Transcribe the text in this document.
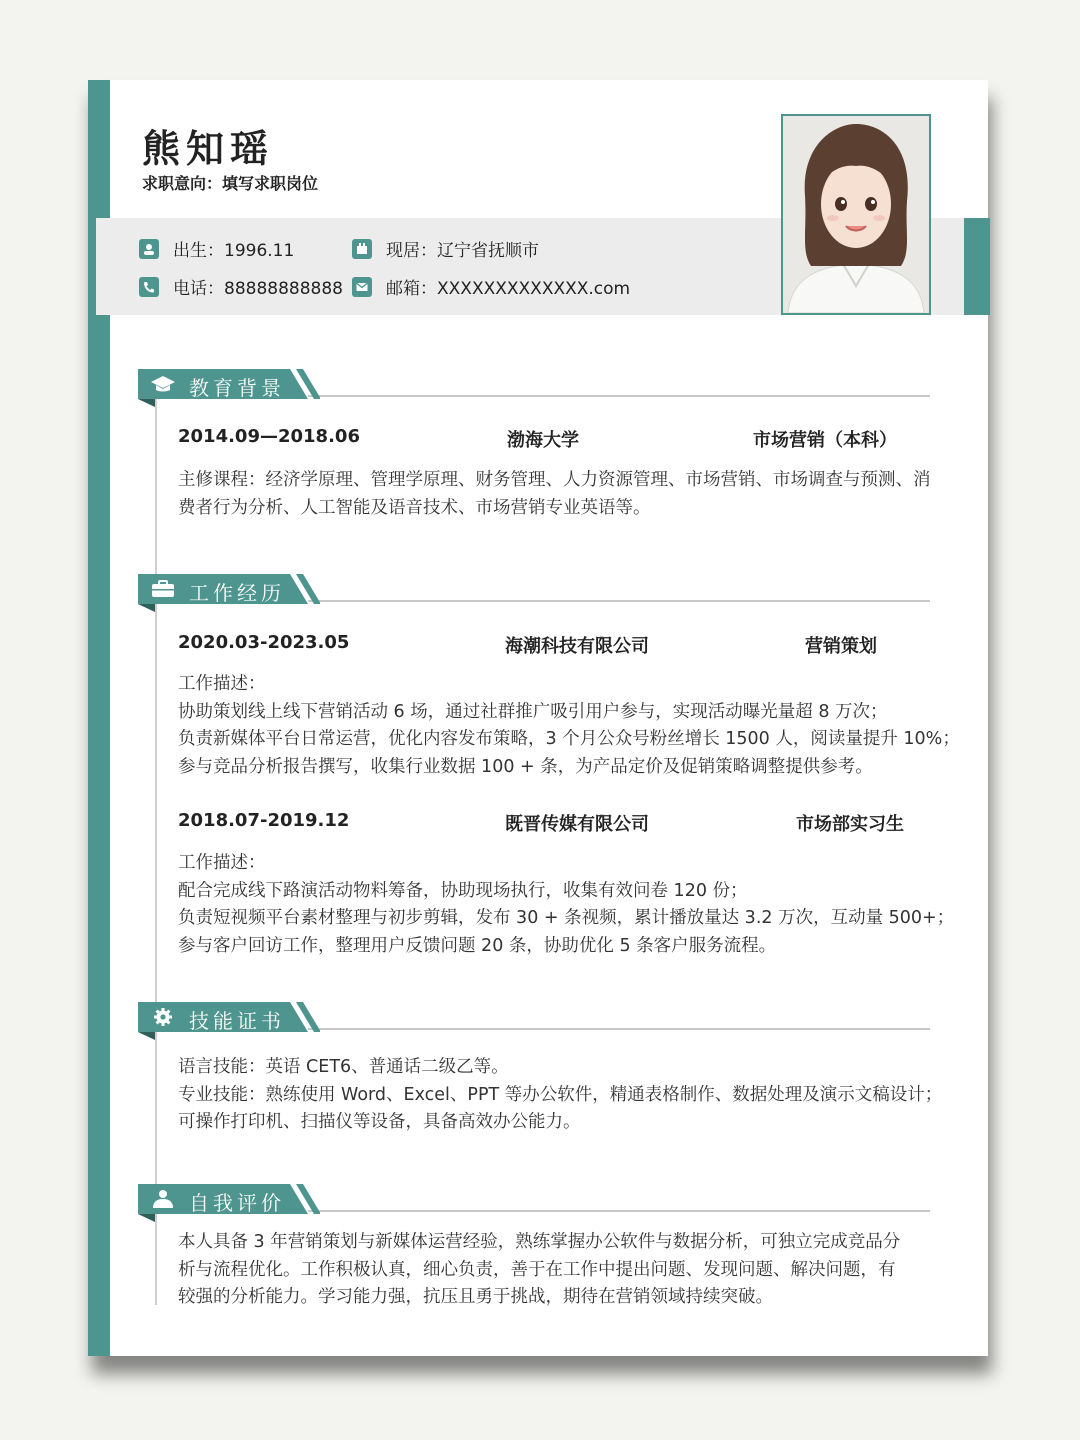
熊知瑶
求职意向：填写求职岗位
出生：1996.11	现居：辽宁省抚顺市
电话：88888888888	邮箱：XXXXXXXXXXXXX.com
教育背景
2014.09—2018.06	渤海大学	市场营销（本科）
主修课程：经济学原理、管理学原理、财务管理、人力资源管理、市场营销、市场调查与预测、消
费者行为分析、人工智能及语音技术、市场营销专业英语等。
工作经历
2020.03-2023.05	海潮科技有限公司	营销策划
工作描述：
协助策划线上线下营销活动 6 场，通过社群推广吸引用户参与，实现活动曝光量超 8 万次；
负责新媒体平台日常运营，优化内容发布策略，3 个月公众号粉丝增长 1500 人，阅读量提升 10%；
参与竞品分析报告撰写，收集行业数据 100 + 条，为产品定价及促销策略调整提供参考。
2018.07-2019.12	既晋传媒有限公司	市场部实习生
工作描述：
配合完成线下路演活动物料筹备，协助现场执行，收集有效问卷 120 份；
负责短视频平台素材整理与初步剪辑，发布 30 + 条视频，累计播放量达 3.2 万次，互动量 500+；
参与客户回访工作，整理用户反馈问题 20 条，协助优化 5 条客户服务流程。
技能证书
语言技能：英语 CET6、普通话二级乙等。
专业技能：熟练使用 Word、Excel、PPT 等办公软件，精通表格制作、数据处理及演示文稿设计；
可操作打印机、扫描仪等设备，具备高效办公能力。
自我评价
本人具备 3 年营销策划与新媒体运营经验，熟练掌握办公软件与数据分析，可独立完成竞品分
析与流程优化。工作积极认真，细心负责，善于在工作中提出问题、发现问题、解决问题，有
较强的分析能力。学习能力强，抗压且勇于挑战，期待在营销领域持续突破。
